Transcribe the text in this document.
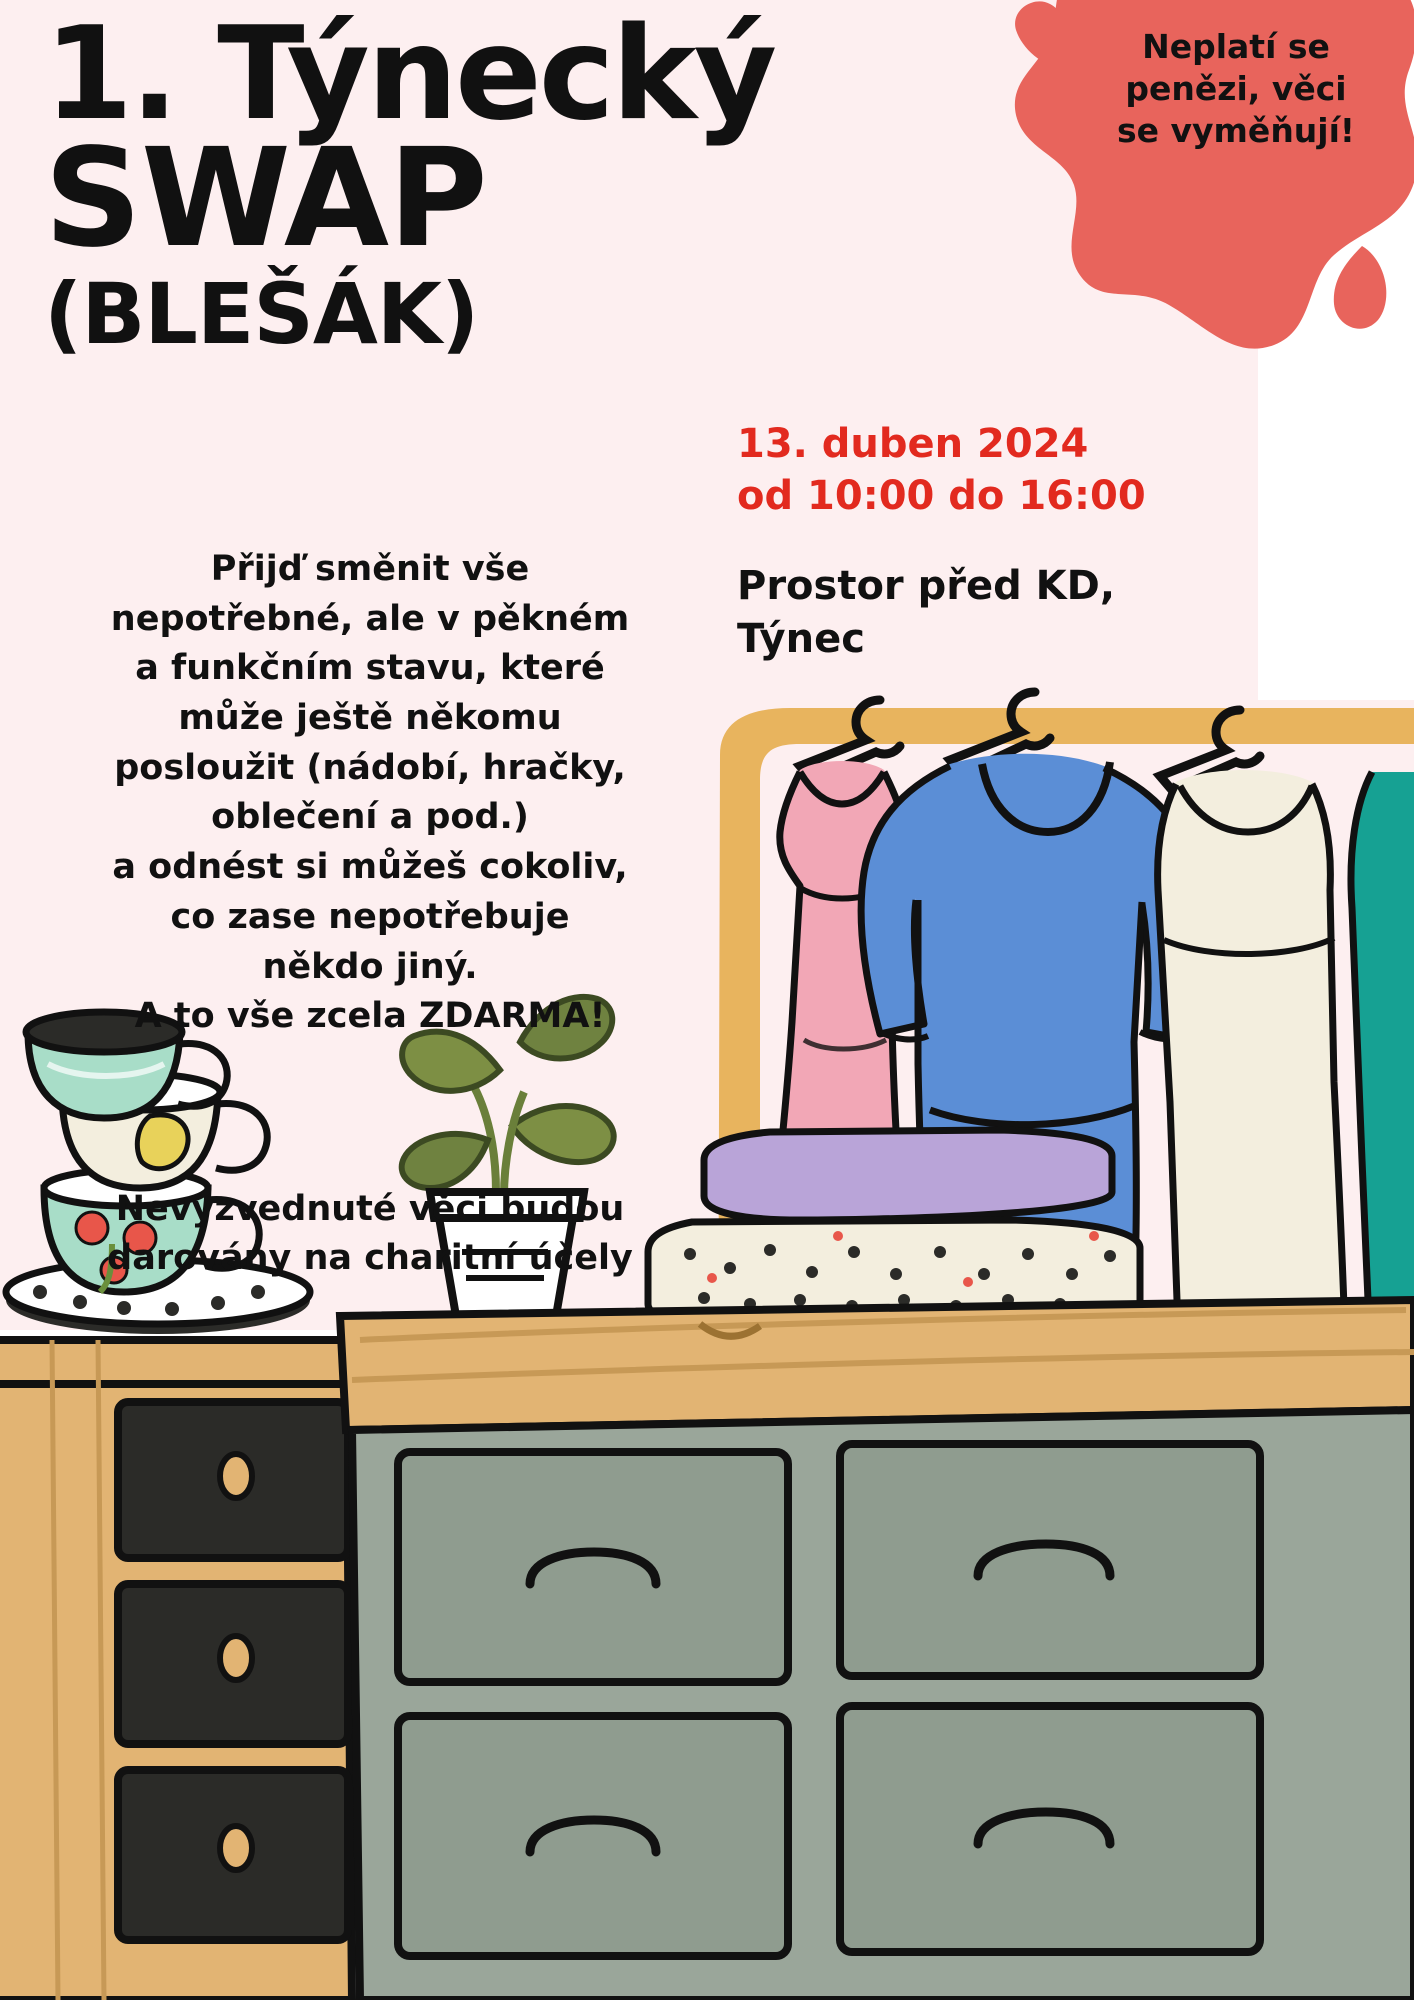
Neplatí se
penězi, věci
se vyměňují!
1. Týnecký
SWAP
(BLEŠÁK)
Přijď směnit vše
nepotřebné, ale v pěkném
a funkčním stavu, které
může ještě někomu
posloužit (nádobí, hračky,
oblečení a pod.)
a odnést si můžeš cokoliv,
co zase nepotřebuje
někdo jiný.
A to vše zcela ZDARMA!
Nevyzvednuté věci budou
darovány na charitní účely
13. duben 2024
od 10:00 do 16:00
Prostor před KD,
Týnec
